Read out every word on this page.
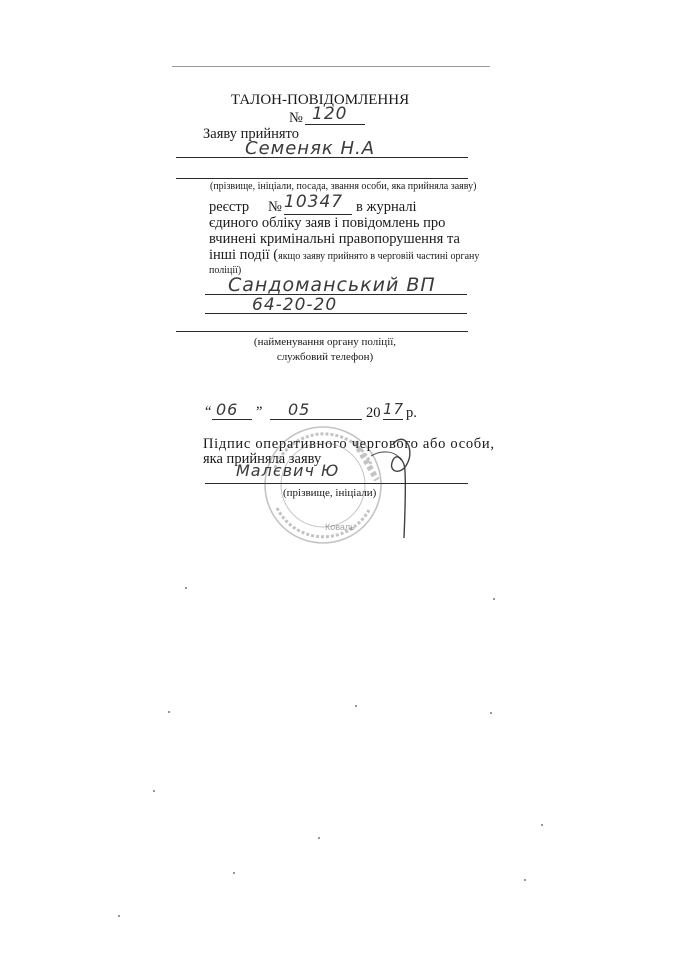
ТАЛОН-ПОВІДОМЛЕННЯ
№ 120
Заяву прийнято
Семеняк Н.А
(прізвище, ініціали, посада, звання особи, яка прийняла заяву)
реєстр № 10347 в журналі
єдиного обліку заяв і повідомлень про
вчинені кримінальні правопорушення та
інші події (якщо заяву прийнято в черговій частині органу
поліції)
Сандоманський ВП
64-20-20
(найменування органу поліції,
службовий телефон)
“ 06 ” 05	20 17 р.
Підпис оперативного чергового або особи,
яка прийняла заяву
Малєвич Ю
(прізвище, ініціали)
Коваль
